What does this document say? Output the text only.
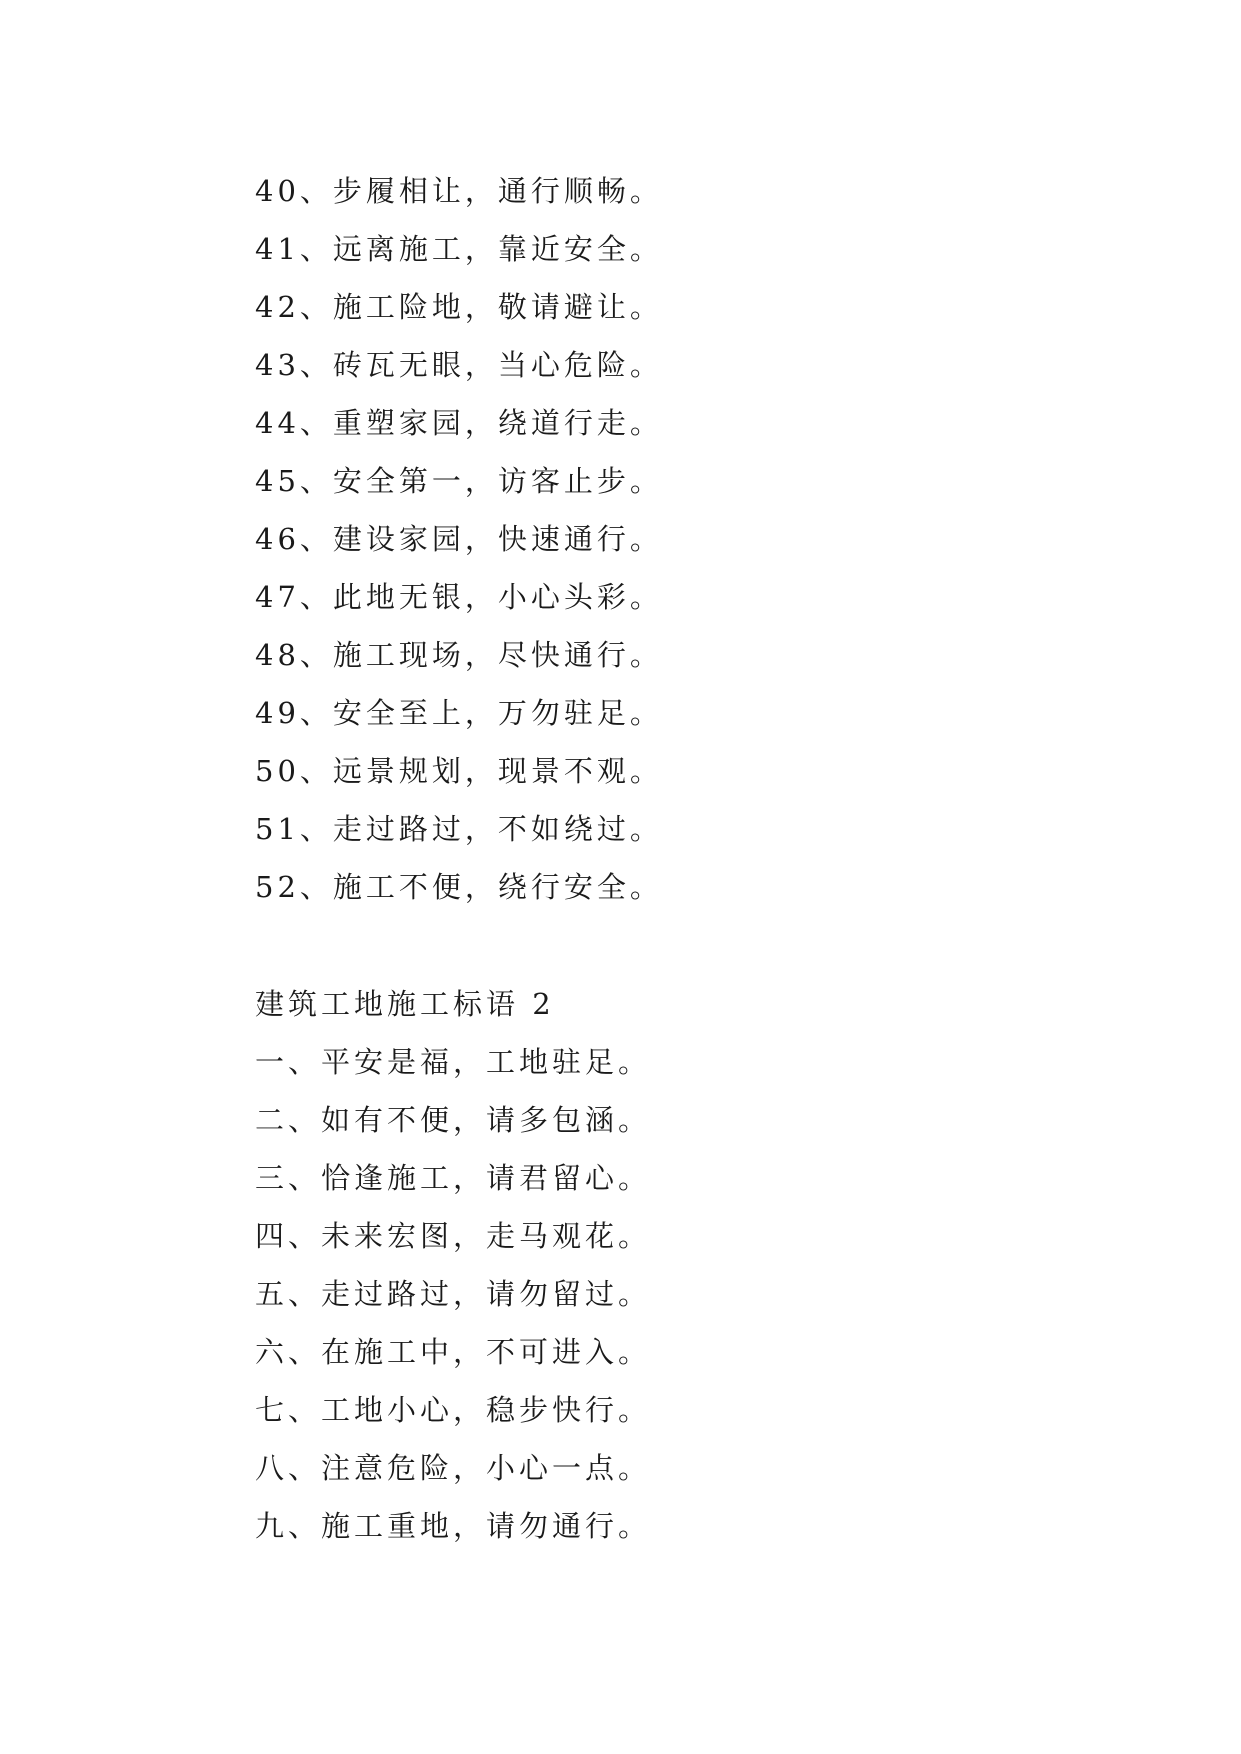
40、步履相让，通行顺畅。
41、远离施工，靠近安全。
42、施工险地，敬请避让。
43、砖瓦无眼，当心危险。
44、重塑家园，绕道行走。
45、安全第一，访客止步。
46、建设家园，快速通行。
47、此地无银，小心头彩。
48、施工现场，尽快通行。
49、安全至上，万勿驻足。
50、远景规划，现景不观。
51、走过路过，不如绕过。
52、施工不便，绕行安全。
建筑工地施工标语 2
一、平安是福，工地驻足。
二、如有不便，请多包涵。
三、恰逢施工，请君留心。
四、未来宏图，走马观花。
五、走过路过，请勿留过。
六、在施工中，不可进入。
七、工地小心，稳步快行。
八、注意危险，小心一点。
九、施工重地，请勿通行。
